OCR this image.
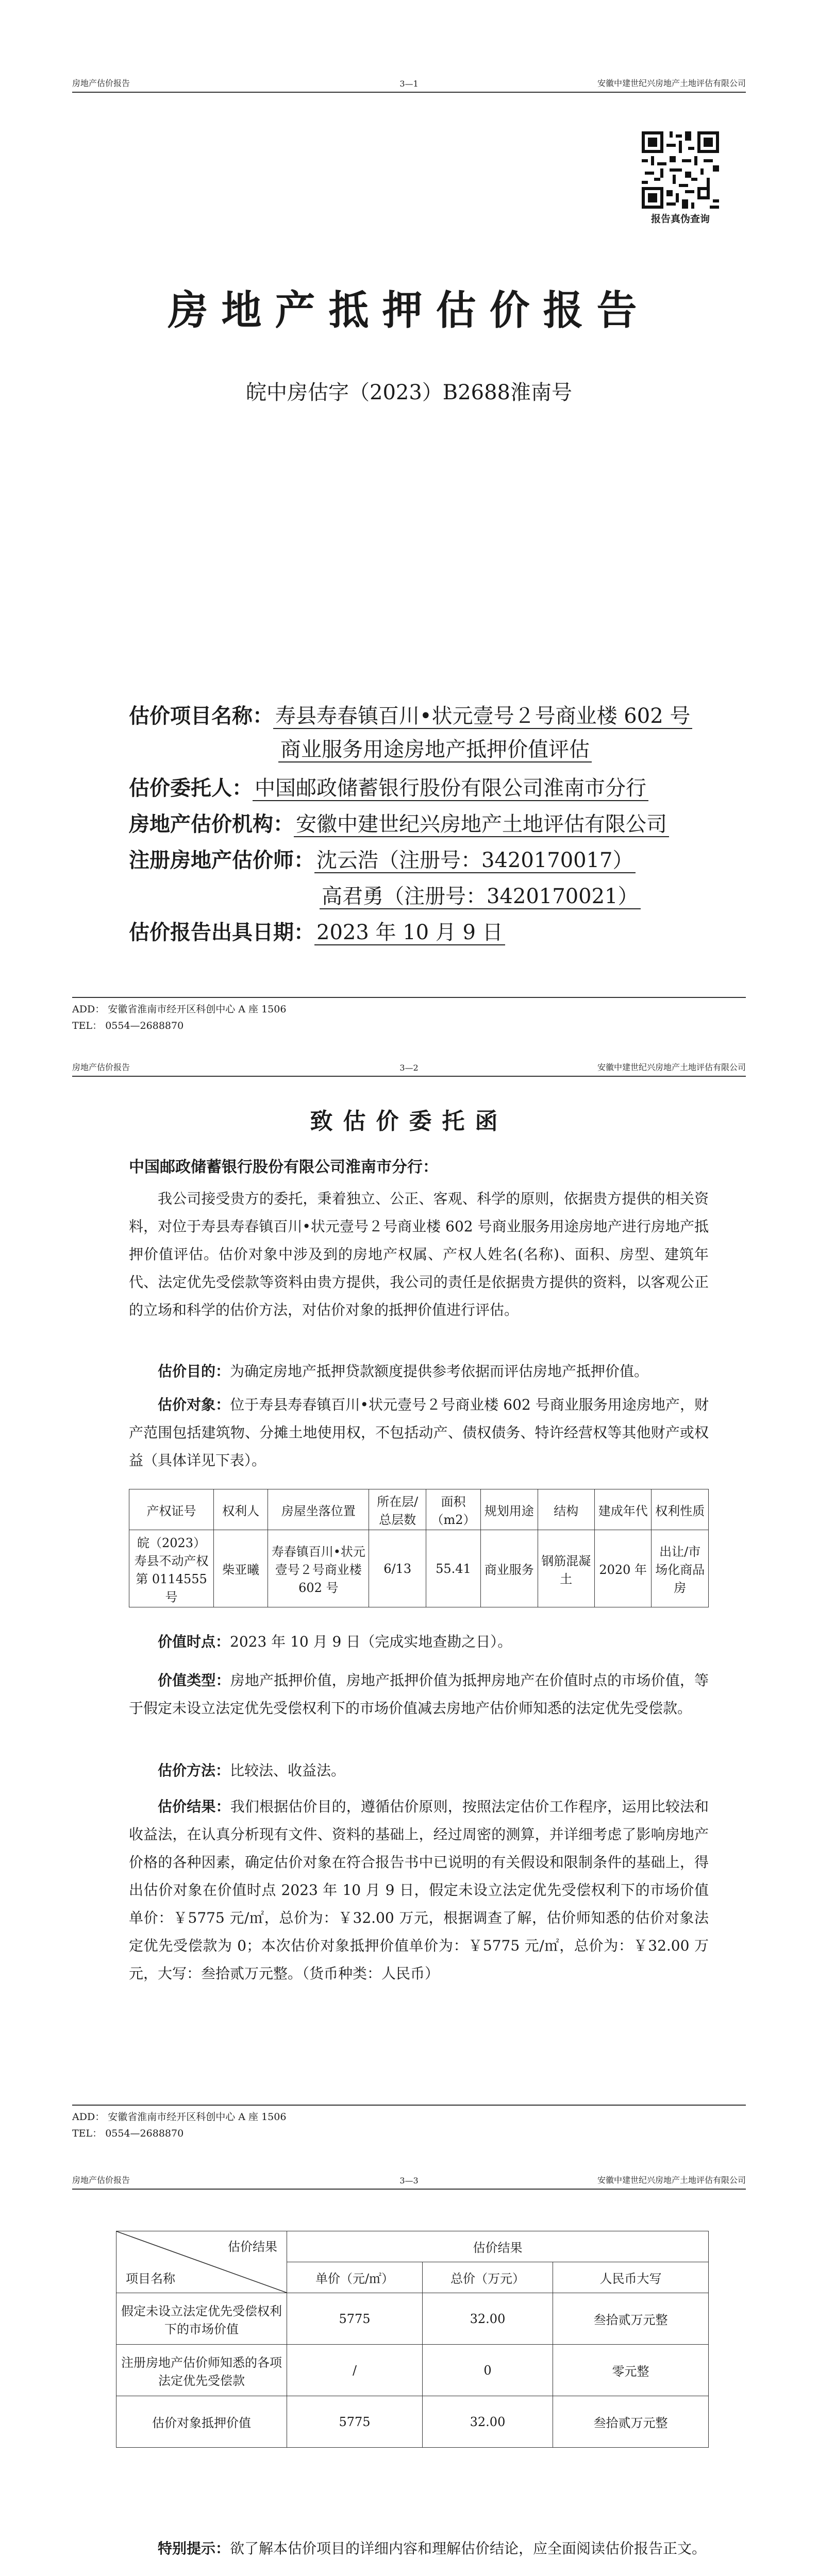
房地产估价报告	3—1	安徽中建世纪兴房地产土地评估有限公司
报告真伪查询
房地产抵押估价报告
皖中房估字（2023）B2688淮南号
估价项目名称： 寿县寿春镇百川•状元壹号２号商业楼 602 号
商业服务用途房地产抵押价值评估
估价委托人： 中国邮政储蓄银行股份有限公司淮南市分行
房地产估价机构： 安徽中建世纪兴房地产土地评估有限公司
注册房地产估价师： 沈云浩（注册号：3420170017）
高君勇（注册号：3420170021）
估价报告出具日期： 2023 年 10 月 9 日
ADD： 安徽省淮南市经开区科创中心 A 座 1506
TEL： 0554—2688870
房地产估价报告	3—2	安徽中建世纪兴房地产土地评估有限公司
致估价委托函
中国邮政储蓄银行股份有限公司淮南市分行：
我公司接受贵方的委托，秉着独立、公正、客观、科学的原则，依据贵方提供的相关资料，对位于寿县寿春镇百川•状元壹号２号商业楼 602 号商业服务用途房地产进行房地产抵押价值评估。估价对象中涉及到的房地产权属、产权人姓名(名称)、面积、房型、建筑年代、法定优先受偿款等资料由贵方提供，我公司的责任是依据贵方提供的资料，以客观公正的立场和科学的估价方法，对估价对象的抵押价值进行评估。
估价目的：为确定房地产抵押贷款额度提供参考依据而评估房地产抵押价值。
估价对象：位于寿县寿春镇百川•状元壹号２号商业楼 602 号商业服务用途房地产，财产范围包括建筑物、分摊土地使用权，不包括动产、债权债务、特许经营权等其他财产或权益（具体详见下表）。
产权证号	权利人	房屋坐落位置	所在层/总层数	面积（m2）	规划用途	结构	建成年代	权利性质
皖（2023）寿县不动产权第 0114555 号	柴亚曦	寿春镇百川•状元壹号２号商业楼 602 号	6/13	55.41	商业服务	钢筋混凝土	2020 年	出让/市场化商品房
价值时点：2023 年 10 月 9 日（完成实地查勘之日）。
价值类型：房地产抵押价值，房地产抵押价值为抵押房地产在价值时点的市场价值，等于假定未设立法定优先受偿权利下的市场价值减去房地产估价师知悉的法定优先受偿款。
估价方法：比较法、收益法。
估价结果：我们根据估价目的，遵循估价原则，按照法定估价工作程序，运用比较法和收益法，在认真分析现有文件、资料的基础上，经过周密的测算，并详细考虑了影响房地产价格的各种因素，确定估价对象在符合报告书中已说明的有关假设和限制条件的基础上，得出估价对象在价值时点 2023 年 10 月 9 日，假定未设立法定优先受偿权利下的市场价值单价：￥5775 元/㎡，总价为：￥32.00 万元，根据调查了解，估价师知悉的估价对象法定优先受偿款为 0；本次估价对象抵押价值单价为：￥5775 元/㎡，总价为：￥32.00 万元，大写：叁拾贰万元整。（货币种类：人民币）
ADD： 安徽省淮南市经开区科创中心 A 座 1506
TEL： 0554—2688870
房地产估价报告	3—3	安徽中建世纪兴房地产土地评估有限公司
估价结果
项目名称	估价结果		
	单价（元/㎡）	总价（万元）	人民币大写
假定未设立法定优先受偿权利下的市场价值	5775	32.00	叁拾贰万元整
注册房地产估价师知悉的各项法定优先受偿款	/	0	零元整
估价对象抵押价值	5775	32.00	叁拾贰万元整
特别提示：欲了解本估价项目的详细内容和理解估价结论，应全面阅读估价报告正文。
